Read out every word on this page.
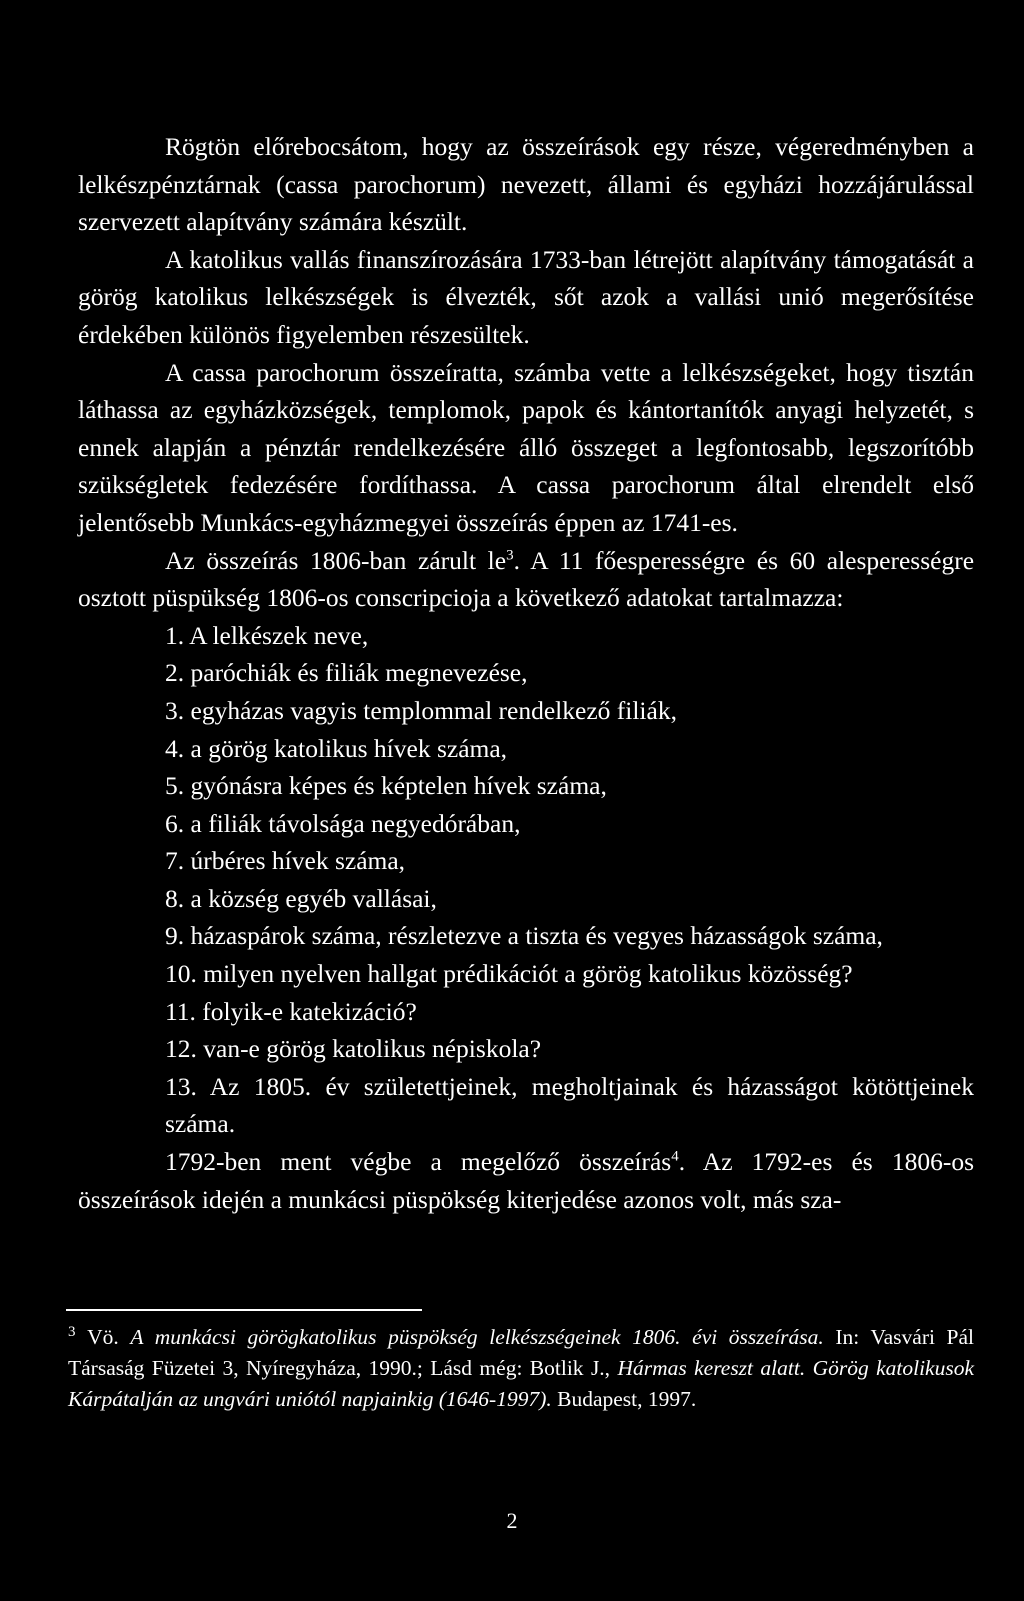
Rögtön előrebocsátom, hogy az összeírások egy része, végeredményben a lelkészpénztárnak (cassa parochorum) nevezett, állami és egyházi hozzájárulással szervezett alapítvány számára készült.

A katolikus vallás finanszírozására 1733-ban létrejött alapítvány támogatását a görög katolikus lelkészségek is élvezték, sőt azok a vallási unió megerősítése érdekében különös figyelemben részesültek.

A cassa parochorum összeíratta, számba vette a lelkészségeket, hogy tisztán láthassa az egyházközségek, templomok, papok és kántortanítók anyagi helyzetét, s ennek alapján a pénztár rendelkezésére álló összeget a legfontosabb, legszorítóbb szükségletek fedezésére fordíthassa. A cassa parochorum által elrendelt első jelentősebb Munkács-egyházmegyei összeírás éppen az 1741-es.

Az összeírás 1806-ban zárult $le^3$. A 11 főesperességre és 60 alesperességre osztott püspükség 1806-os conscripcioja a következő adatokat tartalmazza:

1. A lelkészek neve,
2. paróchiák és filiák megnevezése,
3. egyházas vagyis templommal rendelkező filiák,
4. a görög katolikus hívek száma,
5. gyónásra képes és képtelen hívek száma,
6. a filiák távolsága negyedórában,
7. úrbéres hívek száma,
8. a község egyéb vallásai,
9. házaspárok száma, részletezve a tiszta és vegyes házasságok száma,
10. milyen nyelven hallgat prédikációt a görög katolikus közösség?
11. folyik-e katekizáció?
12. van-e görög katolikus népiskola?
13. Az 1805. év születettjeinek, megholtjainak és házasságot kötöttjeinek száma.

1792-ben ment végbe a megelőző összeírás$^4$. Az 1792-es és 1806-os összeírások idején a munkácsi püspökség kiterjedése azonos volt, más sza-

$^3$ Vö. A munkácsi görögkatolikus püspökség lelkészségeinek 1806. évi összeírása. In: Vasvári Pál Társaság Füzetei 3, Nyíregyháza, 1990.; Lásd még: Botlik J., Hármas kereszt alatt. Görög katolikusok Kárpátalján az ungvári uniótól napjainkig (1646-1997). Budapest, 1997.

2
